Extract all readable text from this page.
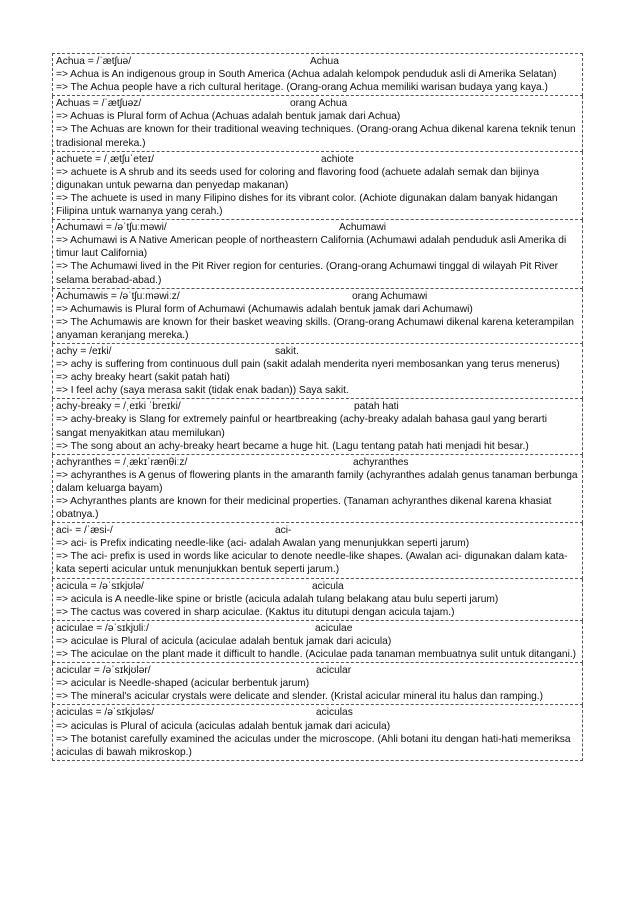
Achua = /ˈætʃuə/	Achua
=> Achua is An indigenous group in South America (Achua adalah kelompok penduduk asli di Amerika Selatan)
=> The Achua people have a rich cultural heritage. (Orang-orang Achua memiliki warisan budaya yang kaya.)
Achuas = /ˈætʃuəz/	orang Achua
=> Achuas is Plural form of Achua (Achuas adalah bentuk jamak dari Achua)
=> The Achuas are known for their traditional weaving techniques. (Orang-orang Achua dikenal karena teknik tenun tradisional mereka.)
achuete = /ˌætʃuˈeteɪ/	achiote
=> achuete is A shrub and its seeds used for coloring and flavoring food (achuete adalah semak dan bijinya digunakan untuk pewarna dan penyedap makanan)
=> The achuete is used in many Filipino dishes for its vibrant color. (Achiote digunakan dalam banyak hidangan Filipina untuk warnanya yang cerah.)
Achumawi = /əˈtʃuːməwi/	Achumawi
=> Achumawi is A Native American people of northeastern California (Achumawi adalah penduduk asli Amerika di timur laut California)
=> The Achumawi lived in the Pit River region for centuries. (Orang-orang Achumawi tinggal di wilayah Pit River selama berabad-abad.)
Achumawis = /əˈtʃuːməwiːz/	orang Achumawi
=> Achumawis is Plural form of Achumawi (Achumawis adalah bentuk jamak dari Achumawi)
=> The Achumawis are known for their basket weaving skills. (Orang-orang Achumawi dikenal karena keterampilan anyaman keranjang mereka.)
achy = /eɪki/	sakit.
=> achy is suffering from continuous dull pain (sakit adalah menderita nyeri membosankan yang terus menerus)
=> achy breaky heart (sakit patah hati)
=> I feel achy (saya merasa sakit (tidak enak badan)) Saya sakit.
achy-breaky = /ˌeɪki ˈbreɪki/	patah hati
=> achy-breaky is Slang for extremely painful or heartbreaking (achy-breaky adalah bahasa gaul yang berarti sangat menyakitkan atau memilukan)
=> The song about an achy-breaky heart became a huge hit. (Lagu tentang patah hati menjadi hit besar.)
achyranthes = /ˌækɪˈrænθiːz/	achyranthes
=> achyranthes is A genus of flowering plants in the amaranth family (achyranthes adalah genus tanaman berbunga dalam keluarga bayam)
=> Achyranthes plants are known for their medicinal properties. (Tanaman achyranthes dikenal karena khasiat obatnya.)
aci- = /ˈæsi-/	aci-
=> aci- is Prefix indicating needle-like (aci- adalah Awalan yang menunjukkan seperti jarum)
=> The aci- prefix is used in words like acicular to denote needle-like shapes. (Awalan aci- digunakan dalam kata-kata seperti acicular untuk menunjukkan bentuk seperti jarum.)
acicula = /əˈsɪkjʊlə/	acicula
=> acicula is A needle-like spine or bristle (acicula adalah tulang belakang atau bulu seperti jarum)
=> The cactus was covered in sharp aciculae. (Kaktus itu ditutupi dengan acicula tajam.)
aciculae = /əˈsɪkjʊliː/	aciculae
=> aciculae is Plural of acicula (aciculae adalah bentuk jamak dari acicula)
=> The aciculae on the plant made it difficult to handle. (Aciculae pada tanaman membuatnya sulit untuk ditangani.)
acicular = /əˈsɪkjʊlər/	acicular
=> acicular is Needle-shaped (acicular berbentuk jarum)
=> The mineral's acicular crystals were delicate and slender. (Kristal acicular mineral itu halus dan ramping.)
aciculas = /əˈsɪkjʊləs/	aciculas
=> aciculas is Plural of acicula (aciculas adalah bentuk jamak dari acicula)
=> The botanist carefully examined the aciculas under the microscope. (Ahli botani itu dengan hati-hati memeriksa aciculas di bawah mikroskop.)
